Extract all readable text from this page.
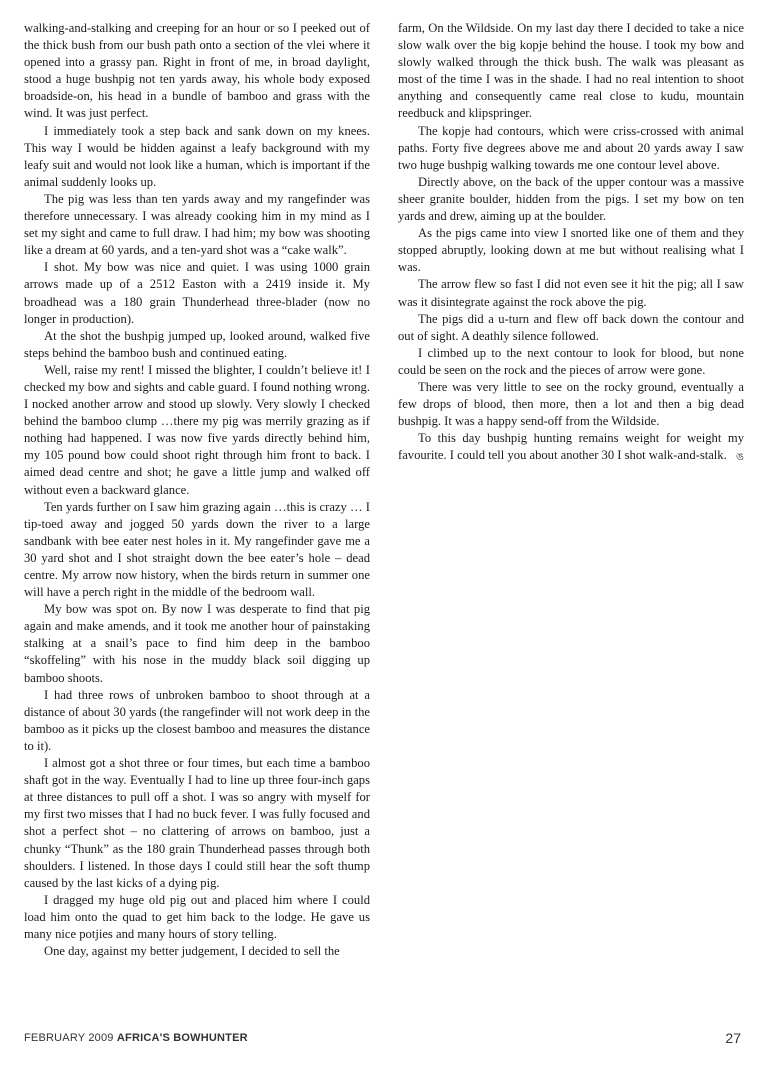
walking-and-stalking and creeping for an hour or so I peeked out of the thick bush from our bush path onto a section of the vlei where it opened into a grassy pan. Right in front of me, in broad daylight, stood a huge bushpig not ten yards away, his whole body exposed broadside-on, his head in a bundle of bamboo and grass with the wind. It was just perfect.

I immediately took a step back and sank down on my knees. This way I would be hidden against a leafy background with my leafy suit and would not look like a human, which is important if the animal suddenly looks up.

The pig was less than ten yards away and my rangefinder was therefore unnecessary. I was already cooking him in my mind as I set my sight and came to full draw. I had him; my bow was shooting like a dream at 60 yards, and a ten-yard shot was a “cake walk”.

I shot. My bow was nice and quiet. I was using 1000 grain arrows made up of a 2512 Easton with a 2419 inside it. My broadhead was a 180 grain Thunderhead three-blader (now no longer in production).

At the shot the bushpig jumped up, looked around, walked five steps behind the bamboo bush and continued eating.

Well, raise my rent! I missed the blighter, I couldn’t believe it! I checked my bow and sights and cable guard. I found nothing wrong. I nocked another arrow and stood up slowly. Very slowly I checked behind the bamboo clump …there my pig was merrily grazing as if nothing had happened. I was now five yards directly behind him, my 105 pound bow could shoot right through him front to back. I aimed dead centre and shot; he gave a little jump and walked off without even a backward glance.

Ten yards further on I saw him grazing again …this is crazy … I tip-toed away and jogged 50 yards down the river to a large sandbank with bee eater nest holes in it. My rangefinder gave me a 30 yard shot and I shot straight down the bee eater’s hole – dead centre. My arrow now history, when the birds return in summer one will have a perch right in the middle of the bedroom wall.

My bow was spot on. By now I was desperate to find that pig again and make amends, and it took me another hour of painstaking stalking at a snail’s pace to find him deep in the bamboo “skoffeling” with his nose in the muddy black soil digging up bamboo shoots.

I had three rows of unbroken bamboo to shoot through at a distance of about 30 yards (the rangefinder will not work deep in the bamboo as it picks up the closest bamboo and measures the distance to it).

I almost got a shot three or four times, but each time a bamboo shaft got in the way. Eventually I had to line up three four-inch gaps at three distances to pull off a shot. I was so angry with myself for my first two misses that I had no buck fever. I was fully focused and shot a perfect shot – no clattering of arrows on bamboo, just a chunky “Thunk” as the 180 grain Thunderhead passes through both shoulders. I listened. In those days I could still hear the soft thump caused by the last kicks of a dying pig.

I dragged my huge old pig out and placed him where I could load him onto the quad to get him back to the lodge. He gave us many nice potjies and many hours of story telling.

One day, against my better judgement, I decided to sell the

farm, On the Wildside. On my last day there I decided to take a nice slow walk over the big kopje behind the house. I took my bow and slowly walked through the thick bush. The walk was pleasant as most of the time I was in the shade. I had no real intention to shoot anything and consequently came real close to kudu, mountain reedbuck and klipspringer.

The kopje had contours, which were criss-crossed with animal paths. Forty five degrees above me and about 20 yards away I saw two huge bushpig walking towards me one contour level above.

Directly above, on the back of the upper contour was a massive sheer granite boulder, hidden from the pigs. I set my bow on ten yards and drew, aiming up at the boulder.

As the pigs came into view I snorted like one of them and they stopped abruptly, looking down at me but without realising what I was.

The arrow flew so fast I did not even see it hit the pig; all I saw was it disintegrate against the rock above the pig.

The pigs did a u-turn and flew off back down the contour and out of sight. A deathly silence followed.

I climbed up to the next contour to look for blood, but none could be seen on the rock and the pieces of arrow were gone.

There was very little to see on the rocky ground, eventually a few drops of blood, then more, then a lot and then a big dead bushpig. It was a happy send-off from the Wildside.

To this day bushpig hunting remains weight for weight my favourite. I could tell you about another 30 I shot walk-and-stalk. ঙ
FEBRUARY 2009 AFRICA'S BOWHUNTER	27
